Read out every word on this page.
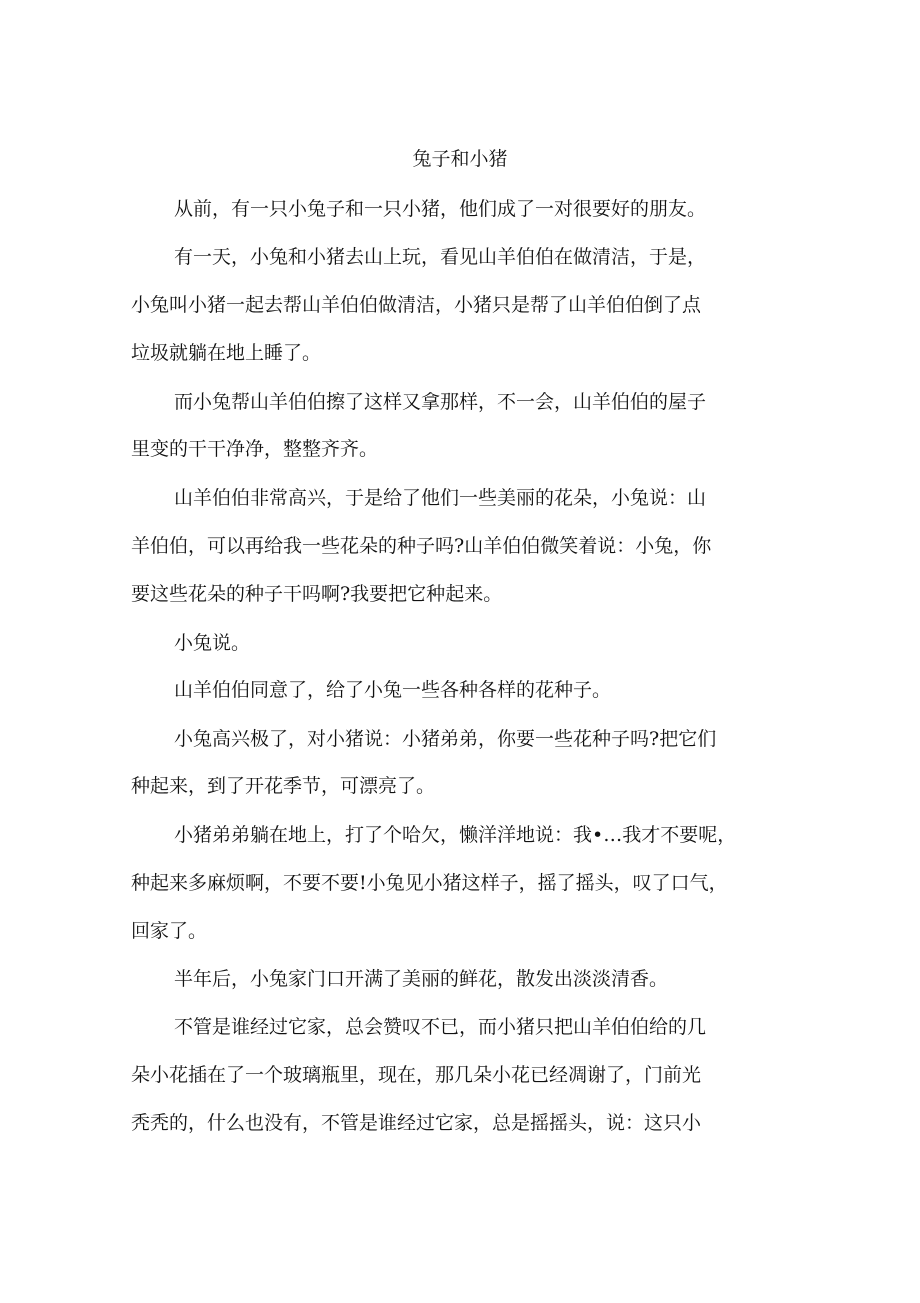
兔子和小猪
从前，有一只小兔子和一只小猪，他们成了一对很要好的朋友。
有一天，小兔和小猪去山上玩，看见山羊伯伯在做清洁，于是，
小兔叫小猪一起去帮山羊伯伯做清洁，小猪只是帮了山羊伯伯倒了点
垃圾就躺在地上睡了。
而小兔帮山羊伯伯擦了这样又拿那样，不一会，山羊伯伯的屋子
里变的干干净净，整整齐齐。
山羊伯伯非常高兴，于是给了他们一些美丽的花朵，小兔说：山
羊伯伯，可以再给我一些花朵的种子吗?山羊伯伯微笑着说：小兔，你
要这些花朵的种子干吗啊?我要把它种起来。
小兔说。
山羊伯伯同意了，给了小兔一些各种各样的花种子。
小兔高兴极了，对小猪说：小猪弟弟，你要一些花种子吗?把它们
种起来，到了开花季节，可漂亮了。
小猪弟弟躺在地上，打了个哈欠，懒洋洋地说：我•…我才不要呢，
种起来多麻烦啊，不要不要!小兔见小猪这样子，摇了摇头，叹了口气，
回家了。
半年后，小兔家门口开满了美丽的鲜花，散发出淡淡清香。
不管是谁经过它家，总会赞叹不已，而小猪只把山羊伯伯给的几
朵小花插在了一个玻璃瓶里，现在，那几朵小花已经凋谢了，门前光
秃秃的，什么也没有，不管是谁经过它家，总是摇摇头，说：这只小
